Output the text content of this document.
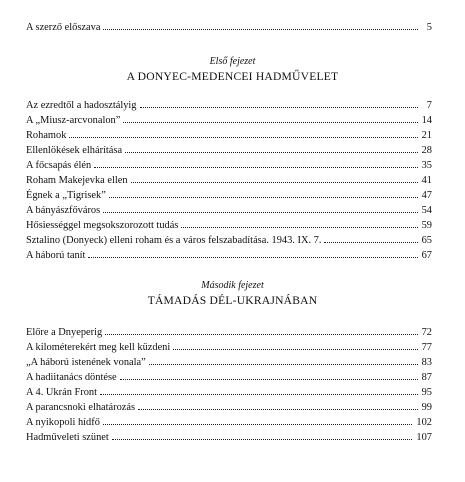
A szerző előszava	5
Első fejezet
A DONYEC-MEDENCEI HADMŰVELET
Az ezredtől a hadosztályig	7
A „Miusz-arcvonalon”	14
Rohamok	21
Ellenlökések elhárítása	28
A főcsapás élén	35
Roham Makejevka ellen	41
Égnek a „Tigrisek”	47
A bányászfőváros	54
Hősiességgel megsokszorozott tudás	59
Sztalino (Donyeck) elleni roham és a város felszabadítása. 1943. IX. 7.	65
A háború tanít	67
Második fejezet
TÁMADÁS DÉL-UKRAJNÁBAN
Előre a Dnyeperig	72
A kilométerekért meg kell küzdeni	77
„A háború istenének vonala”	83
A hadiitanács döntése	87
A 4. Ukrán Front	95
A parancsnoki elhatározás	99
A nyikopoli hídfő	102
Hadműveleti szünet	107
